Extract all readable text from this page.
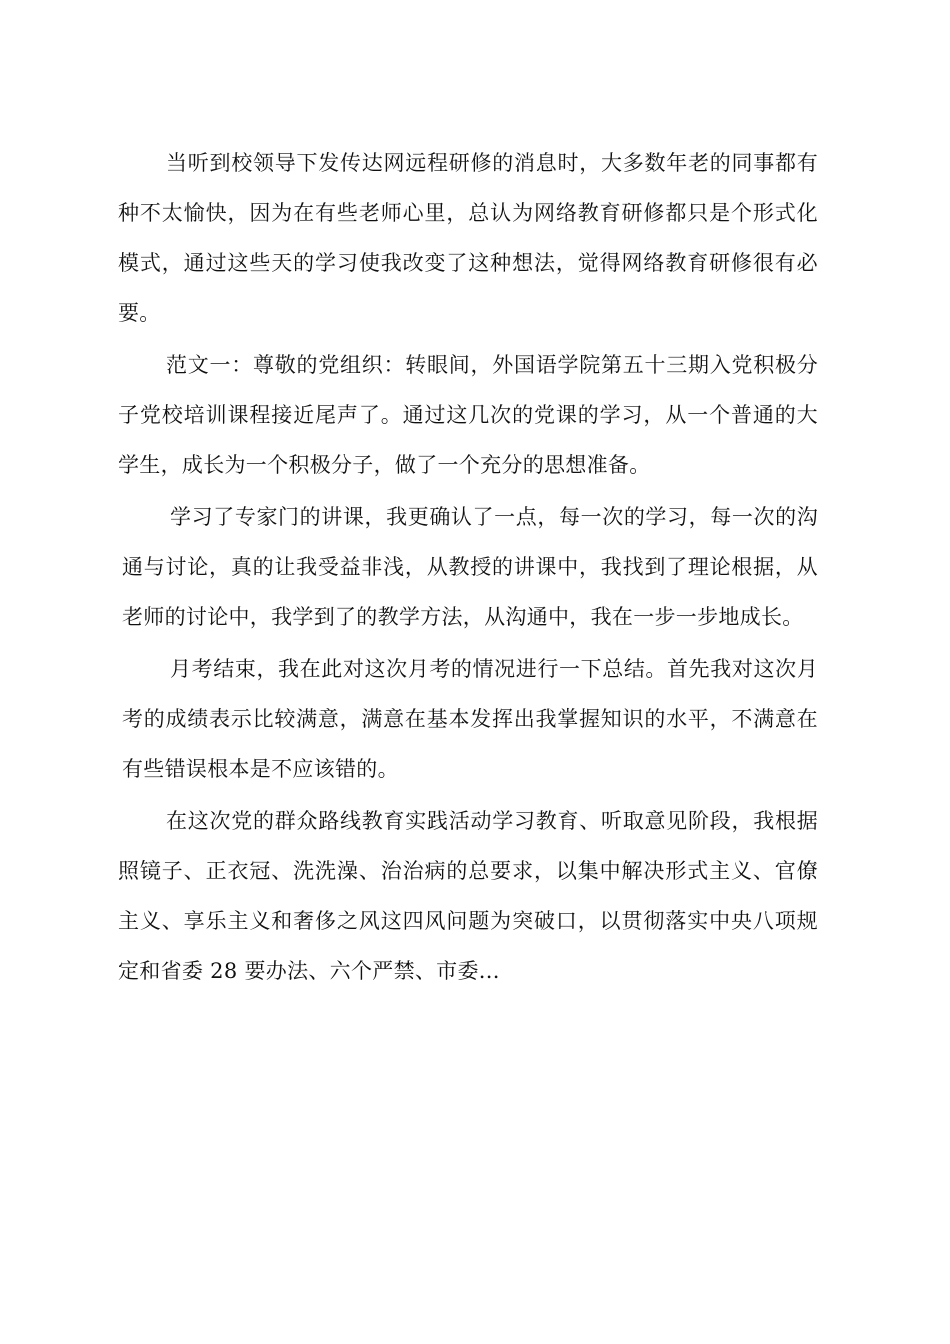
当听到校领导下发传达网远程研修的消息时，大多数年老的同事都有种不太愉快，因为在有些老师心里，总认为网络教育研修都只是个形式化模式，通过这些天的学习使我改变了这种想法，觉得网络教育研修很有必要。

范文一：尊敬的党组织：转眼间，外国语学院第五十三期入党积极分子党校培训课程接近尾声了。通过这几次的党课的学习，从一个普通的大学生，成长为一个积极分子，做了一个充分的思想准备。

学习了专家门的讲课，我更确认了一点，每一次的学习，每一次的沟通与讨论，真的让我受益非浅，从教授的讲课中，我找到了理论根据，从老师的讨论中，我学到了的教学方法，从沟通中，我在一步一步地成长。

月考结束，我在此对这次月考的情况进行一下总结。首先我对这次月考的成绩表示比较满意，满意在基本发挥出我掌握知识的水平，不满意在有些错误根本是不应该错的。

在这次党的群众路线教育实践活动学习教育、听取意见阶段，我根据照镜子、正衣冠、洗洗澡、治治病的总要求，以集中解决形式主义、官僚主义、享乐主义和奢侈之风这四风问题为突破口，以贯彻落实中央八项规定和省委 28 要办法、六个严禁、市委...
